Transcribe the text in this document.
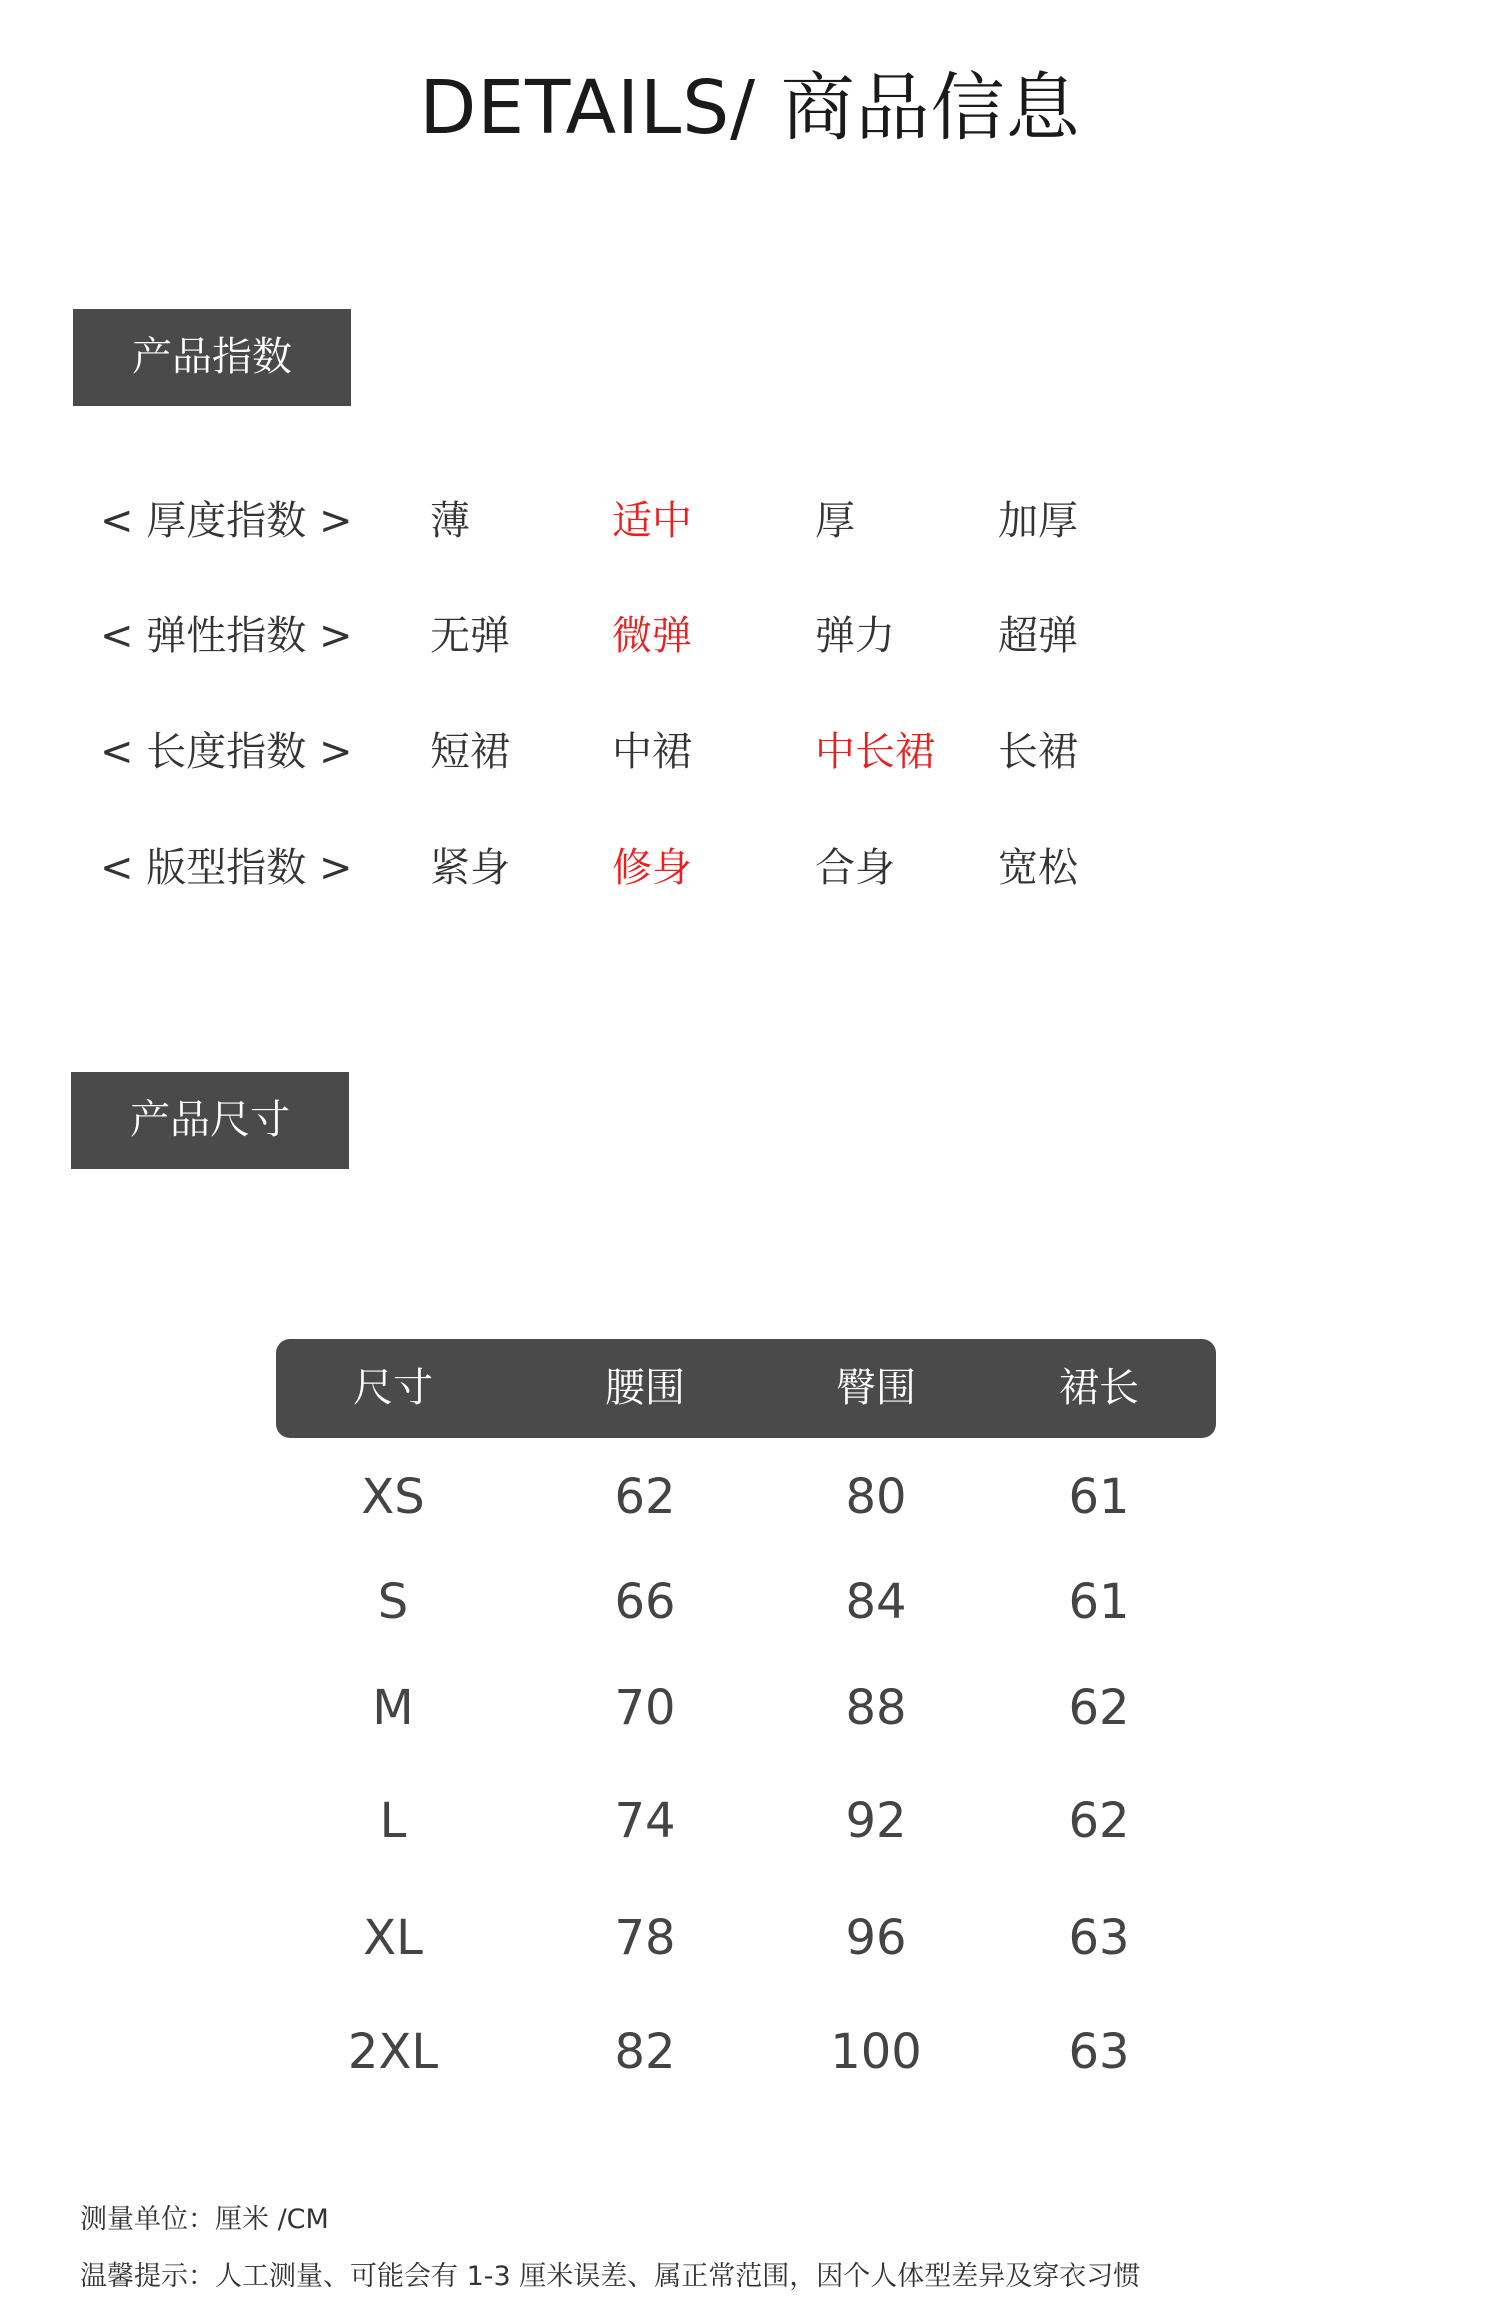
DETAILS/ 商品信息
产品指数
< 厚度指数 > 薄	适中	厚	加厚
< 弹性指数 > 无弹	微弹	弹力	超弹
< 长度指数 > 短裙	中裙	中长裙 长裙
< 版型指数 > 紧身	修身	合身	宽松
产品尺寸
尺寸	腰围	臀围	裙长
XS	62	80	61
S	66	84	61
M	70	88	62
L	74	92	62
XL	78	96	63
2XL	82	100	63
测量单位：厘米 /CM
温馨提示：人工测量、可能会有 1-3 厘米误差、属正常范围，因个人体型差异及穿衣习惯
